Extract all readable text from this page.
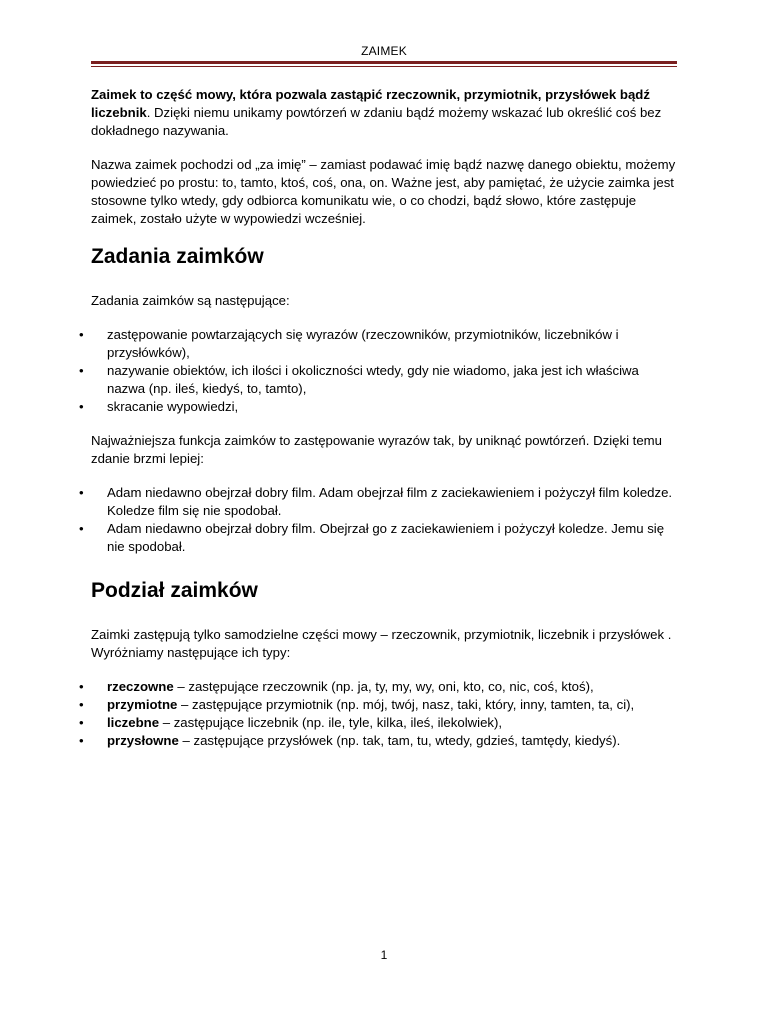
ZAIMEK

Zaimek to część mowy, która pozwala zastąpić rzeczownik, przymiotnik, przysłówek bądź liczebnik. Dzięki niemu unikamy powtórzeń w zdaniu bądź możemy wskazać lub określić coś bez dokładnego nazywania.

Nazwa zaimek pochodzi od „za imię” – zamiast podawać imię bądź nazwę danego obiektu, możemy powiedzieć po prostu: to, tamto, ktoś, coś, ona, on. Ważne jest, aby pamiętać, że użycie zaimka jest stosowne tylko wtedy, gdy odbiorca komunikatu wie, o co chodzi, bądź słowo, które zastępuje zaimek, zostało użyte w wypowiedzi wcześniej.

Zadania zaimków

Zadania zaimków są następujące:

• zastępowanie powtarzających się wyrazów (rzeczowników, przymiotników, liczebników i przysłówków),
• nazywanie obiektów, ich ilości i okoliczności wtedy, gdy nie wiadomo, jaka jest ich właściwa nazwa (np. ileś, kiedyś, to, tamto),
• skracanie wypowiedzi,

Najważniejsza funkcja zaimków to zastępowanie wyrazów tak, by uniknąć powtórzeń. Dzięki temu zdanie brzmi lepiej:

• Adam niedawno obejrzał dobry film. Adam obejrzał film z zaciekawieniem i pożyczył film koledze. Koledze film się nie spodobał.
• Adam niedawno obejrzał dobry film. Obejrzał go z zaciekawieniem i pożyczył koledze. Jemu się nie spodobał.
Podział zaimków

Zaimki zastępują tylko samodzielne części mowy – rzeczownik, przymiotnik, liczebnik i przysłówek . Wyróżniamy następujące ich typy:

• rzeczowne – zastępujące rzeczownik (np. ja, ty, my, wy, oni, kto, co, nic, coś, ktoś),
• przymiotne – zastępujące przymiotnik (np. mój, twój, nasz, taki, który, inny, tamten, ta, ci),
• liczebne – zastępujące liczebnik (np. ile, tyle, kilka, ileś, ilekolwiek),
• przysłowne – zastępujące przysłówek (np. tak, tam, tu, wtedy, gdzieś, tamtędy, kiedyś).
1
